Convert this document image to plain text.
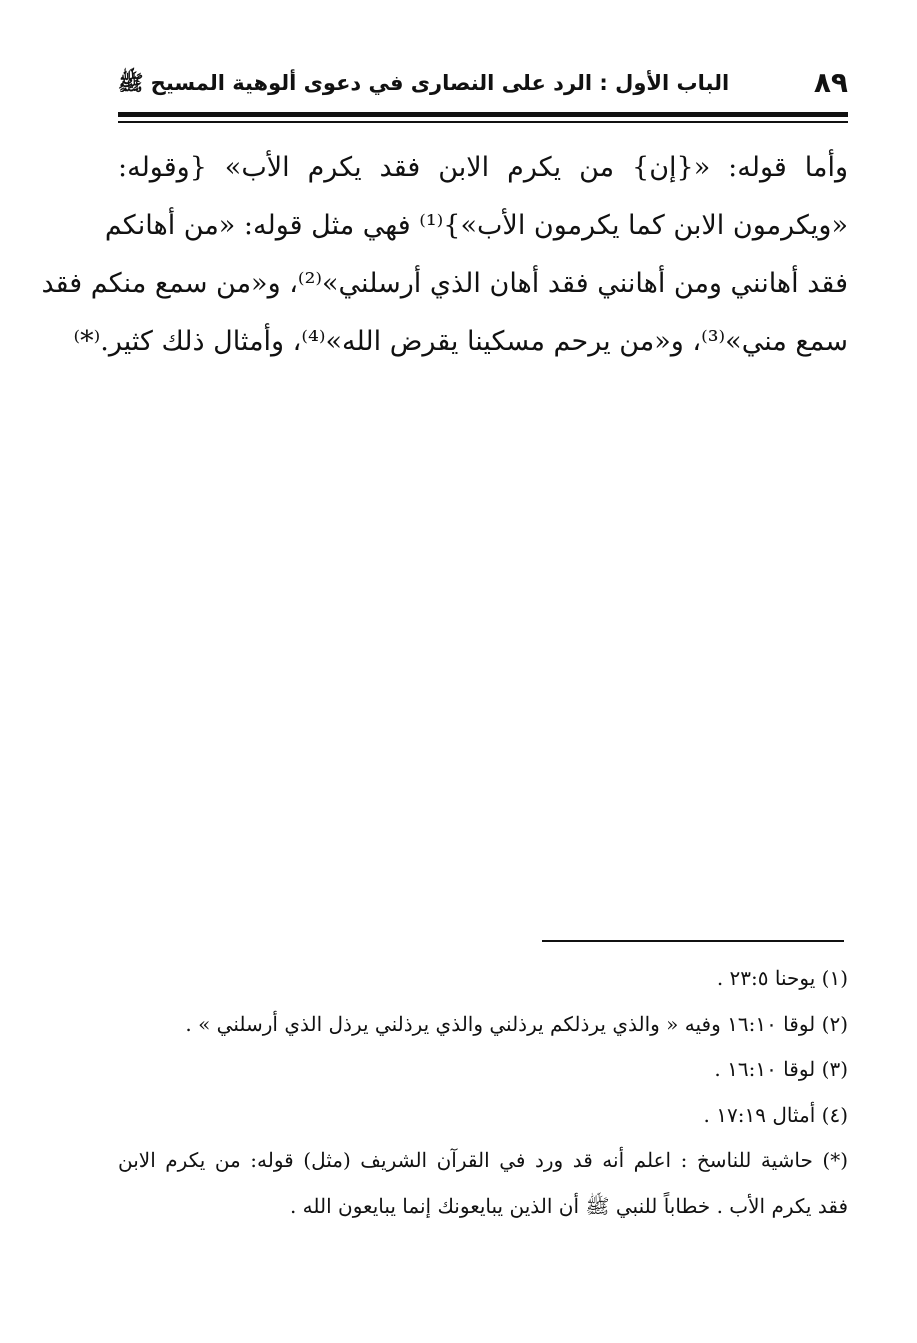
٨٩
الباب الأول : الرد على النصارى في دعوى ألوهية المسيح ﷺ
وأما قوله: «{إن} من يكرم الابن فقد يكرم الأب» {وقوله:
«ويكرمون الابن كما يكرمون الأب»}⁽¹⁾ فهي مثل قوله: «من أهانكم
فقد أهانني ومن أهانني فقد أهان الذي أرسلني»⁽²⁾، و«من سمع منكم فقد
سمع مني»⁽³⁾، و«من يرحم مسكينا يقرض الله»⁽⁴⁾، وأمثال ذلك كثير.⁽*⁾
(١) يوحنا ٢٣:٥ .
(٢) لوقا ١٦:١٠ وفيه « والذي يرذلكم يرذلني والذي يرذلني يرذل الذي أرسلني » .
(٣) لوقا ١٦:١٠ .
(٤) أمثال ١٧:١٩ .
(*) حاشية للناسخ : اعلم أنه قد ورد في القرآن الشريف (مثل) قوله: من يكرم الابن
فقد يكرم الأب . خطاباً للنبي ﷺ أن الذين يبايعونك إنما يبايعون الله .
